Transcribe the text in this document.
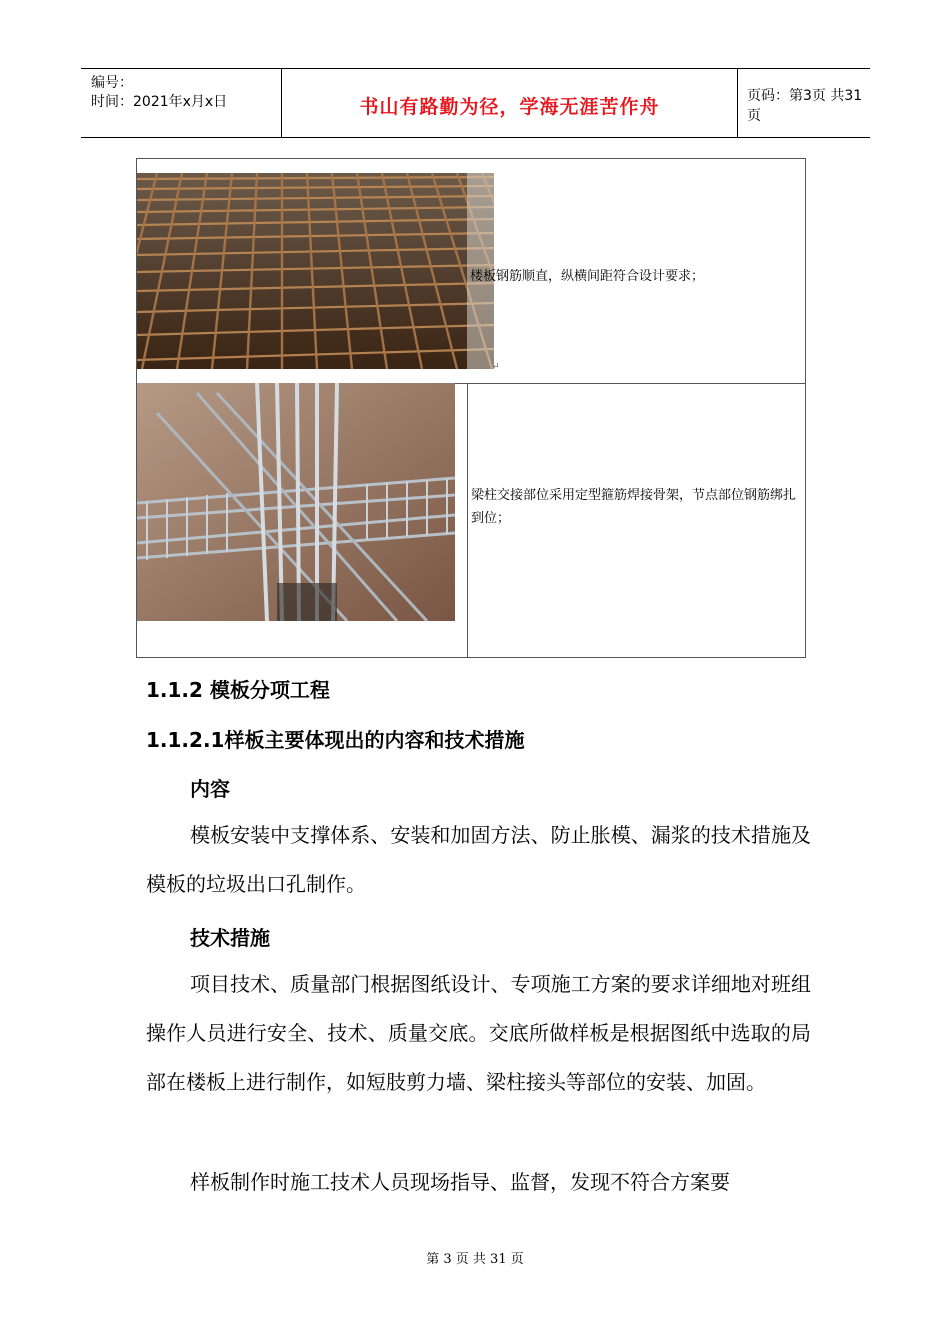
编号：
时间：2021年x月x日	书山有路勤为径，学海无涯苦作舟	页码：第3页 共31页
楼板钢筋顺直，纵横间距符合设计要求；
↵
梁柱交接部位采用定型箍筋焊接骨架，节点部位钢筋绑扎到位；
1.1.2 模板分项工程
1.1.2.1样板主要体现出的内容和技术措施
内容
模板安装中支撑体系、安装和加固方法、防止胀模、漏浆的技术措施及模板的垃圾出口孔制作。
技术措施
项目技术、质量部门根据图纸设计、专项施工方案的要求详细地对班组操作人员进行安全、技术、质量交底。交底所做样板是根据图纸中选取的局部在楼板上进行制作，如短肢剪力墙、梁柱接头等部位的安装、加固。
样板制作时施工技术人员现场指导、监督，发现不符合方案要
第 3 页 共 31 页
